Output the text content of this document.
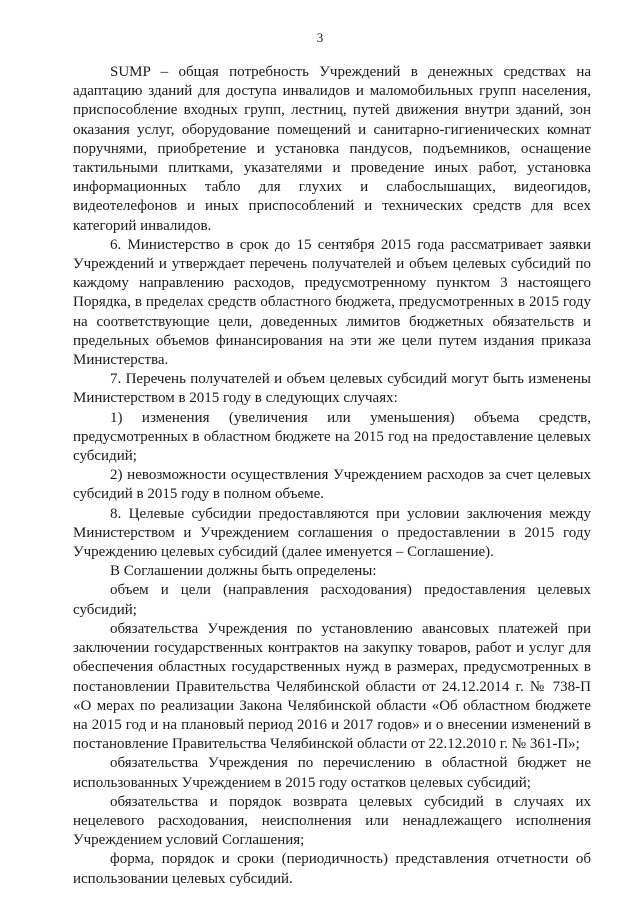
3

SUMP – общая потребность Учреждений в денежных средствах на адаптацию зданий для доступа инвалидов и маломобильных групп населения, приспособление входных групп, лестниц, путей движения внутри зданий, зон оказания услуг, оборудование помещений и санитарно-гигиенических комнат поручнями, приобретение и установка пандусов, подъемников, оснащение тактильными плитками, указателями и проведение иных работ, установка информационных табло для глухих и слабослышащих, видеогидов, видеотелефонов и иных приспособлений и технических средств для всех категорий инвалидов.

6. Министерство в срок до 15 сентября 2015 года рассматривает заявки Учреждений и утверждает перечень получателей и объем целевых субсидий по каждому направлению расходов, предусмотренному пунктом 3 настоящего Порядка, в пределах средств областного бюджета, предусмотренных в 2015 году на соответствующие цели, доведенных лимитов бюджетных обязательств и предельных объемов финансирования на эти же цели путем издания приказа Министерства.

7. Перечень получателей и объем целевых субсидий могут быть изменены Министерством в 2015 году в следующих случаях:

1) изменения (увеличения или уменьшения) объема средств, предусмотренных в областном бюджете на 2015 год на предоставление целевых субсидий;

2) невозможности осуществления Учреждением расходов за счет целевых субсидий в 2015 году в полном объеме.

8. Целевые субсидии предоставляются при условии заключения между Министерством и Учреждением соглашения о предоставлении в 2015 году Учреждению целевых субсидий (далее именуется – Соглашение).

В Соглашении должны быть определены:

объем и цели (направления расходования) предоставления целевых субсидий;

обязательства Учреждения по установлению авансовых платежей при заключении государственных контрактов на закупку товаров, работ и услуг для обеспечения областных государственных нужд в размерах, предусмотренных в постановлении Правительства Челябинской области от 24.12.2014 г. № 738-П «О мерах по реализации Закона Челябинской области «Об областном бюджете на 2015 год и на плановый период 2016 и 2017 годов» и о внесении изменений в постановление Правительства Челябинской области от 22.12.2010 г. № 361-П»;

обязательства Учреждения по перечислению в областной бюджет не использованных Учреждением в 2015 году остатков целевых субсидий;

обязательства и порядок возврата целевых субсидий в случаях их нецелевого расходования, неисполнения или ненадлежащего исполнения Учреждением условий Соглашения;

форма, порядок и сроки (периодичность) представления отчетности об использовании целевых субсидий.
